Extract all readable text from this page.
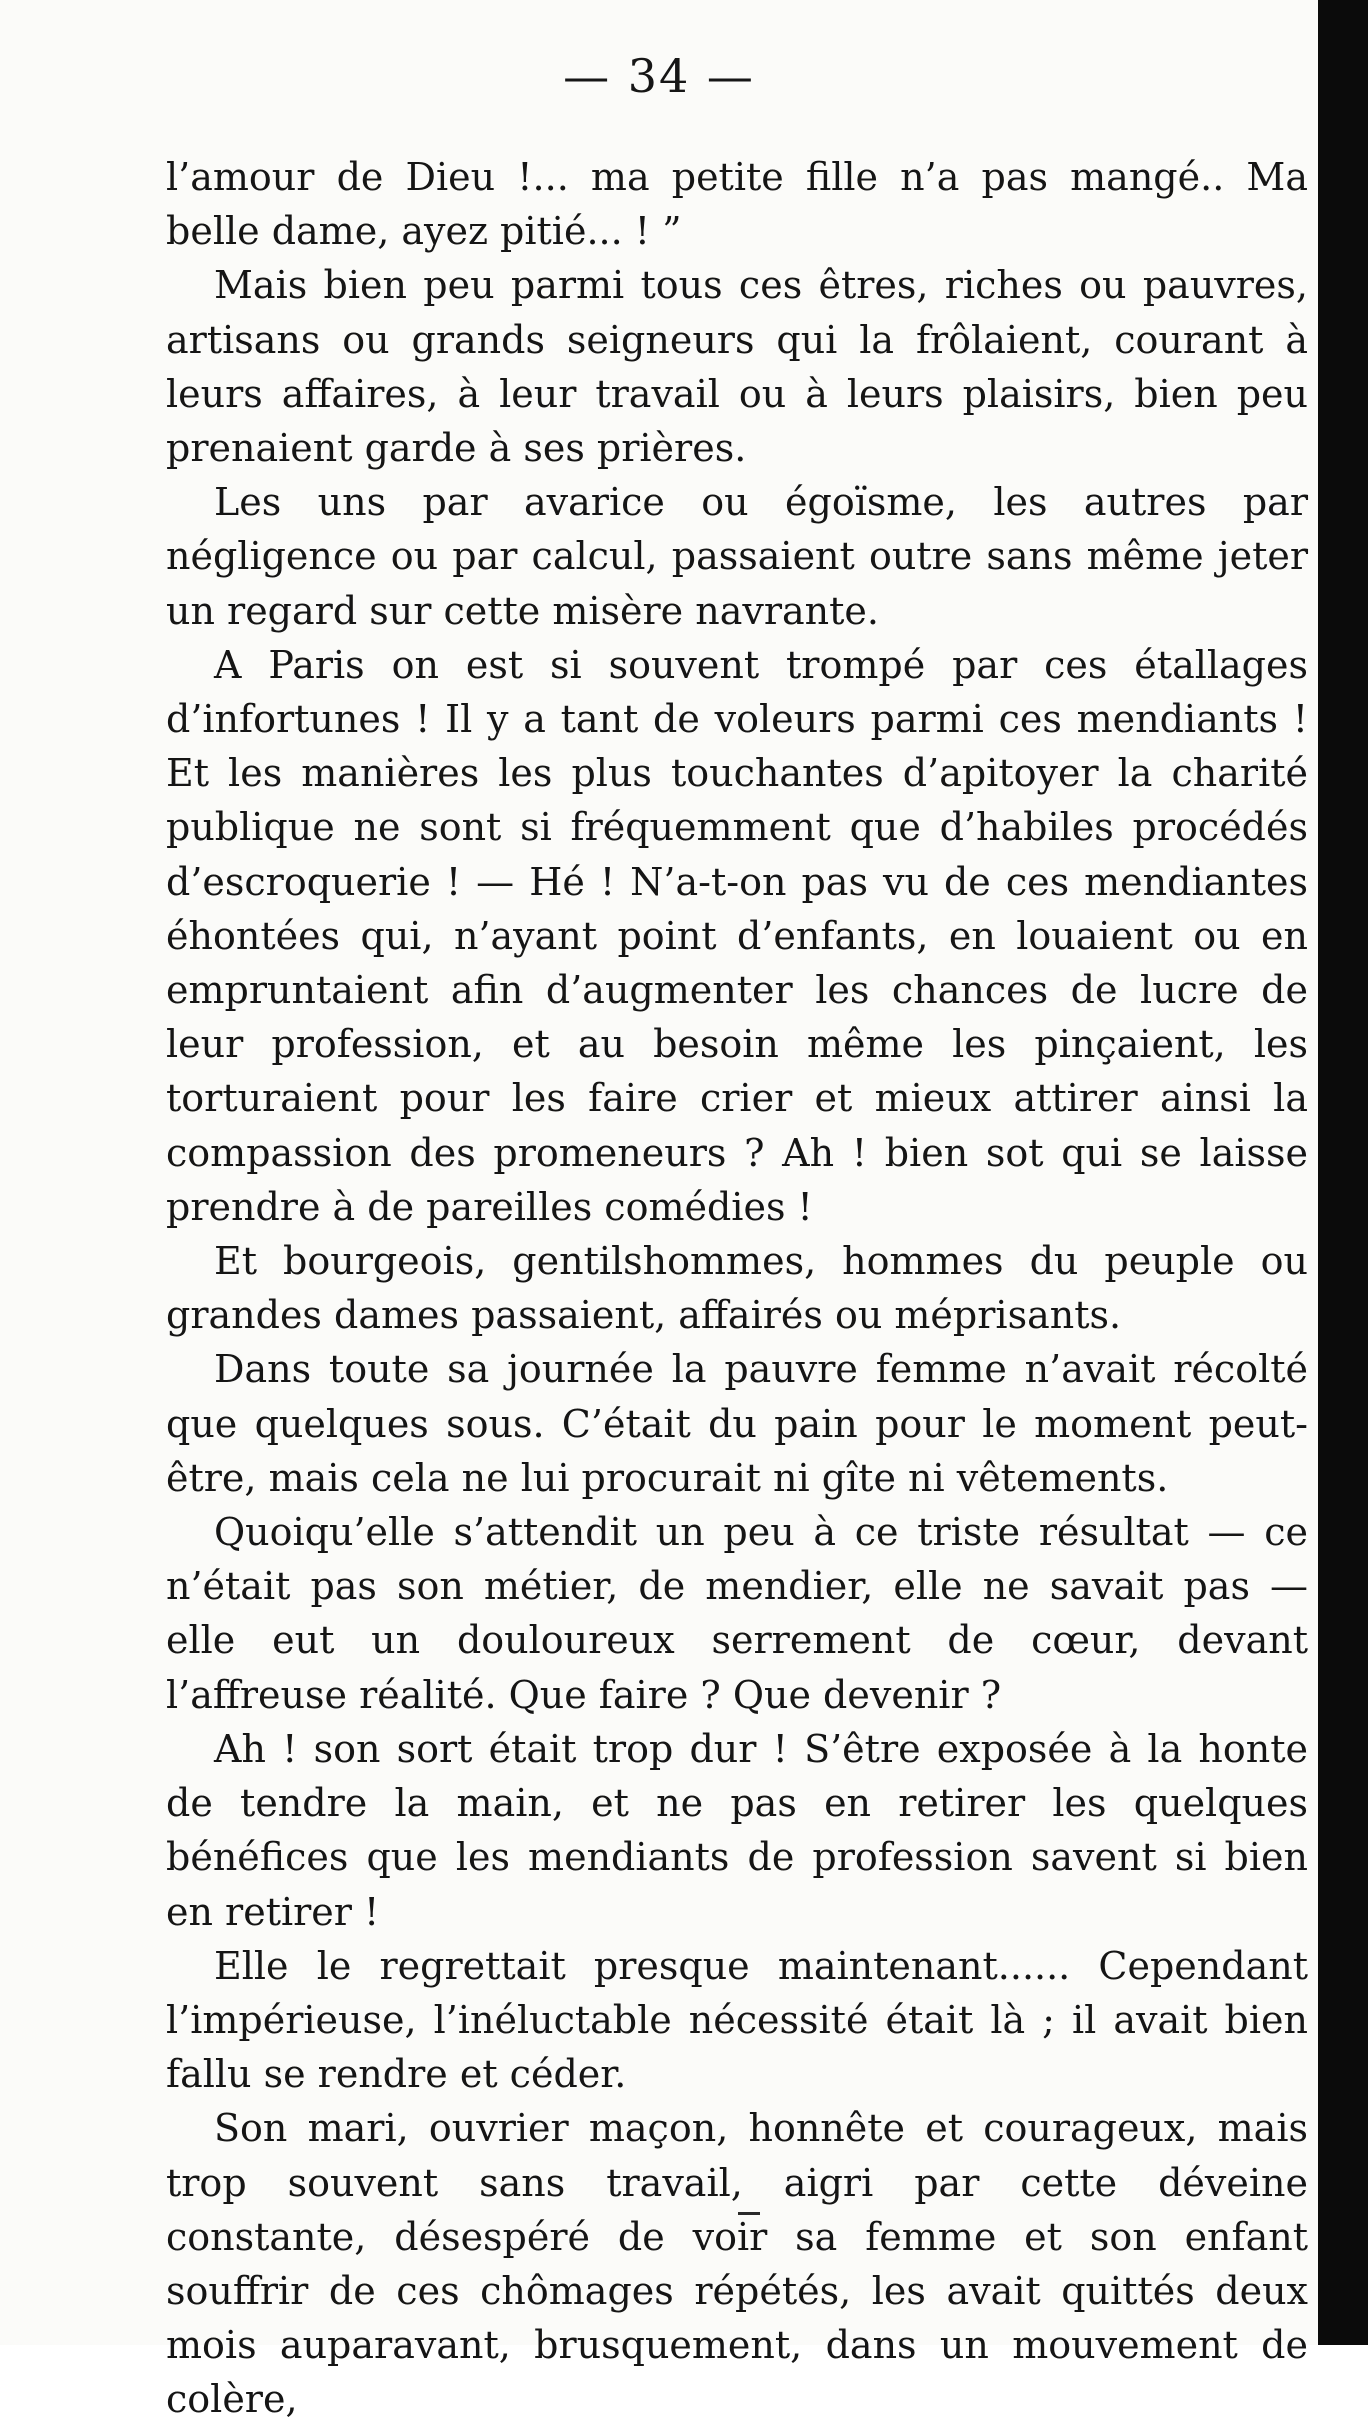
— 34 —

l’amour de Dieu !... ma petite fille n’a pas mangé.. Ma belle dame, ayez pitié... ! ”

Mais bien peu parmi tous ces êtres, riches ou pauvres, artisans ou grands seigneurs qui la frôlaient, courant à leurs affaires, à leur travail ou à leurs plaisirs, bien peu prenaient garde à ses prières.

Les uns par avarice ou égoïsme, les autres par négligence ou par calcul, passaient outre sans même jeter un regard sur cette misère navrante.

A Paris on est si souvent trompé par ces étallages d’infortunes ! Il y a tant de voleurs parmi ces mendiants ! Et les manières les plus touchantes d’apitoyer la charité publique ne sont si fréquemment que d’habiles procédés d’escroquerie ! — Hé ! N’a-t-on pas vu de ces mendiantes éhontées qui, n’ayant point d’enfants, en louaient ou en empruntaient afin d’augmenter les chances de lucre de leur profession, et au besoin même les pinçaient, les torturaient pour les faire crier et mieux attirer ainsi la compassion des promeneurs ? Ah ! bien sot qui se laisse prendre à de pareilles comédies !

Et bourgeois, gentilshommes, hommes du peuple ou grandes dames passaient, affairés ou méprisants.

Dans toute sa journée la pauvre femme n’avait récolté que quelques sous. C’était du pain pour le moment peut-être, mais cela ne lui procurait ni gîte ni vêtements.

Quoiqu’elle s’attendit un peu à ce triste résultat — ce n’était pas son métier, de mendier, elle ne savait pas — elle eut un douloureux serrement de cœur, devant l’affreuse réalité. Que faire ? Que devenir ?

Ah ! son sort était trop dur ! S’être exposée à la honte de tendre la main, et ne pas en retirer les quelques bénéfices que les mendiants de profession savent si bien en retirer !

Elle le regrettait presque maintenant...... Cependant l’impérieuse, l’inéluctable nécessité était là ; il avait bien fallu se rendre et céder.

Son mari, ouvrier maçon, honnête et courageux, mais trop souvent sans travail, aigri par cette déveine constante, désespéré de voir sa femme et son enfant souffrir de ces chômages répétés, les avait quittés deux mois auparavant, brusquement, dans un mouvement de colère,
